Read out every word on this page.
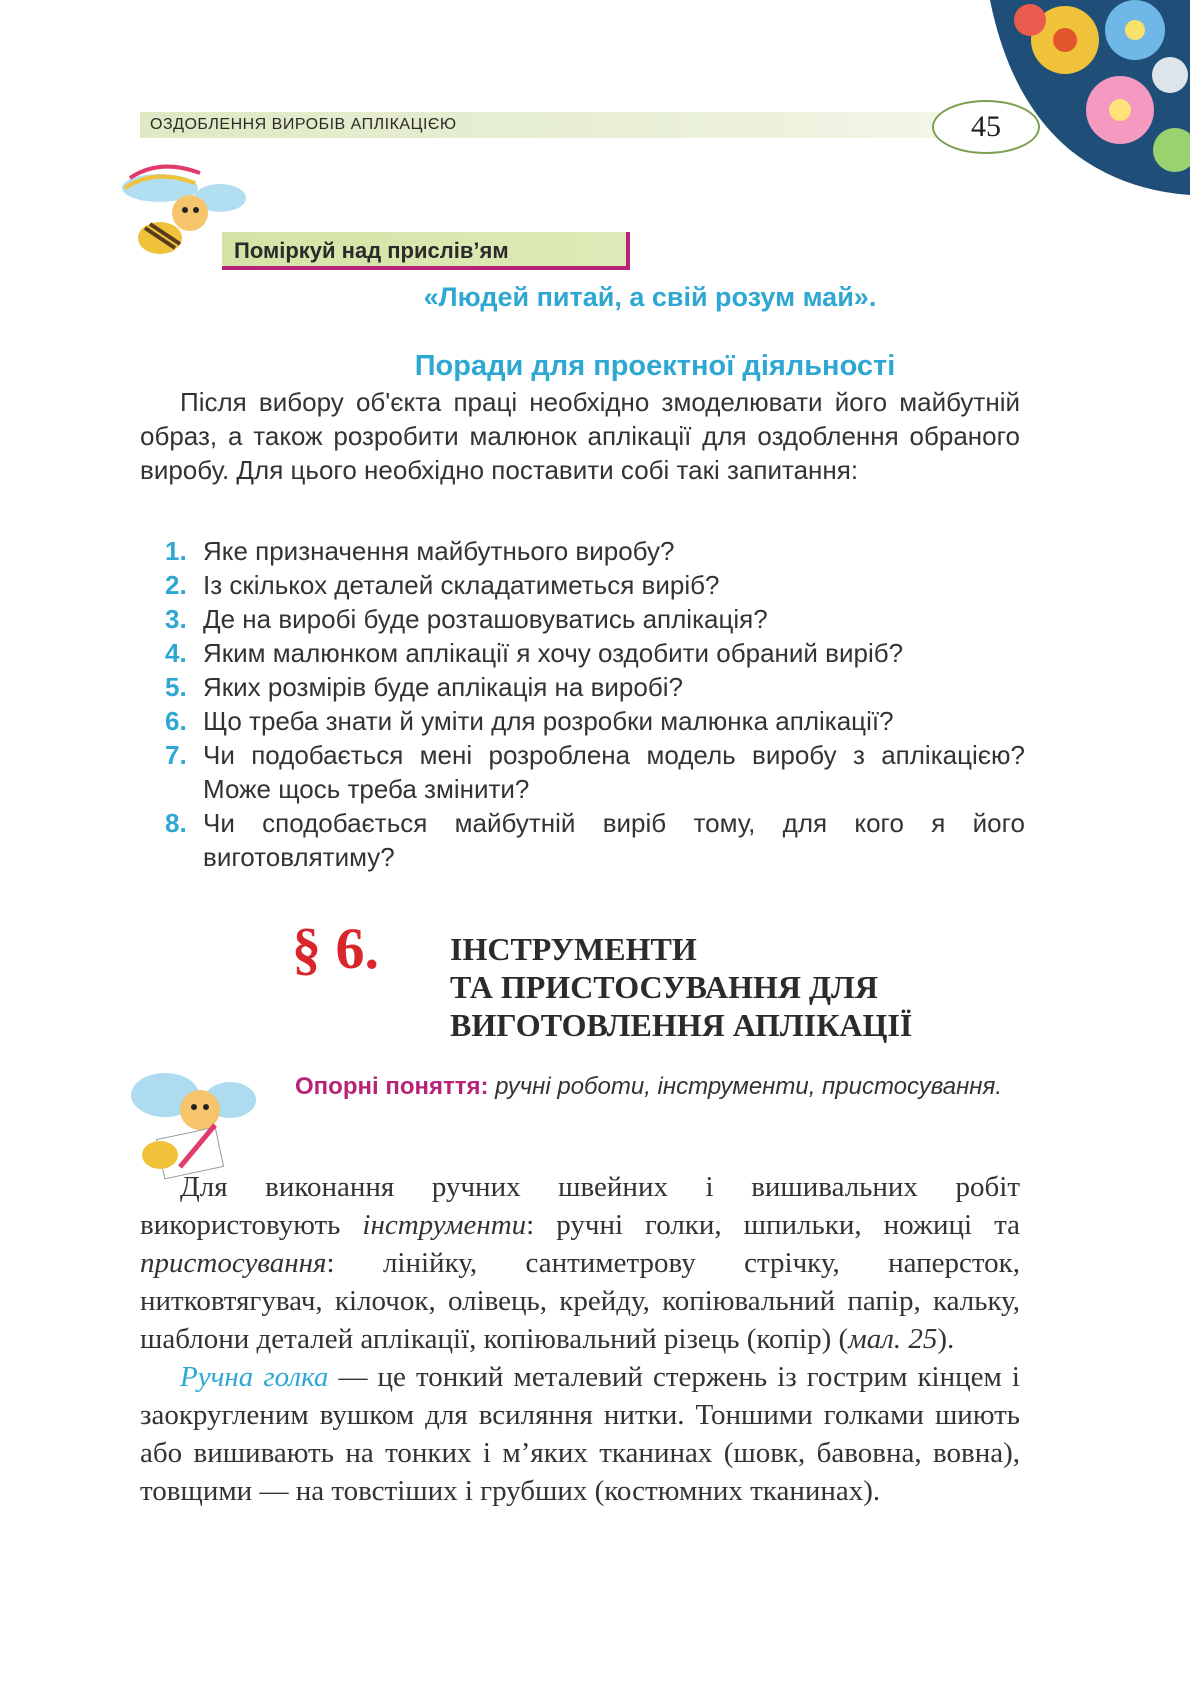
ОЗДОБЛЕННЯ ВИРОБІВ АПЛІКАЦІЄЮ	45
Поміркуй над прислів’ям
«Людей питай, а свій розум май».
Поради для проектної діяльності

Після вибору об'єкта праці необхідно змоделювати його майбутній образ, а також розробити малюнок аплікації для оздоблення обраного виробу. Для цього необхідно поставити собі такі запитання:

1. Яке призначення майбутнього виробу?
2. Із скількох деталей складатиметься виріб?
3. Де на виробі буде розташовуватись аплікація?
4. Яким малюнком аплікації я хочу оздобити обраний виріб?
5. Яких розмірів буде аплікація на виробі?
6. Що треба знати й уміти для розробки малюнка аплікації?
7. Чи подобається мені розроблена модель виробу з аплікацією? Може щось треба змінити?
8. Чи сподобається майбутній виріб тому, для кого я його виготовлятиму?
§ 6. ІНСТРУМЕНТИ
ТА ПРИСТОСУВАННЯ ДЛЯ
ВИГОТОВЛЕННЯ АПЛІКАЦІЇ
Опорні поняття: ручні роботи, інструменти, пристосування.

Для виконання ручних швейних і вишивальних робіт використовують інструменти: ручні голки, шпильки, ножиці та пристосування: лінійку, сантиметрову стрічку, наперсток, нитковтягувач, кілочок, олівець, крейду, копіювальний папір, кальку, шаблони деталей аплікації, копіювальний різець (копір) (мал. 25).

Ручна голка — це тонкий металевий стержень із гострим кінцем і заокругленим вушком для всиляння нитки. Тоншими голками шиють або вишивають на тонких і м’яких тканинах (шовк, бавовна, вовна), товщими — на товстіших і грубших (костюмних тканинах).
